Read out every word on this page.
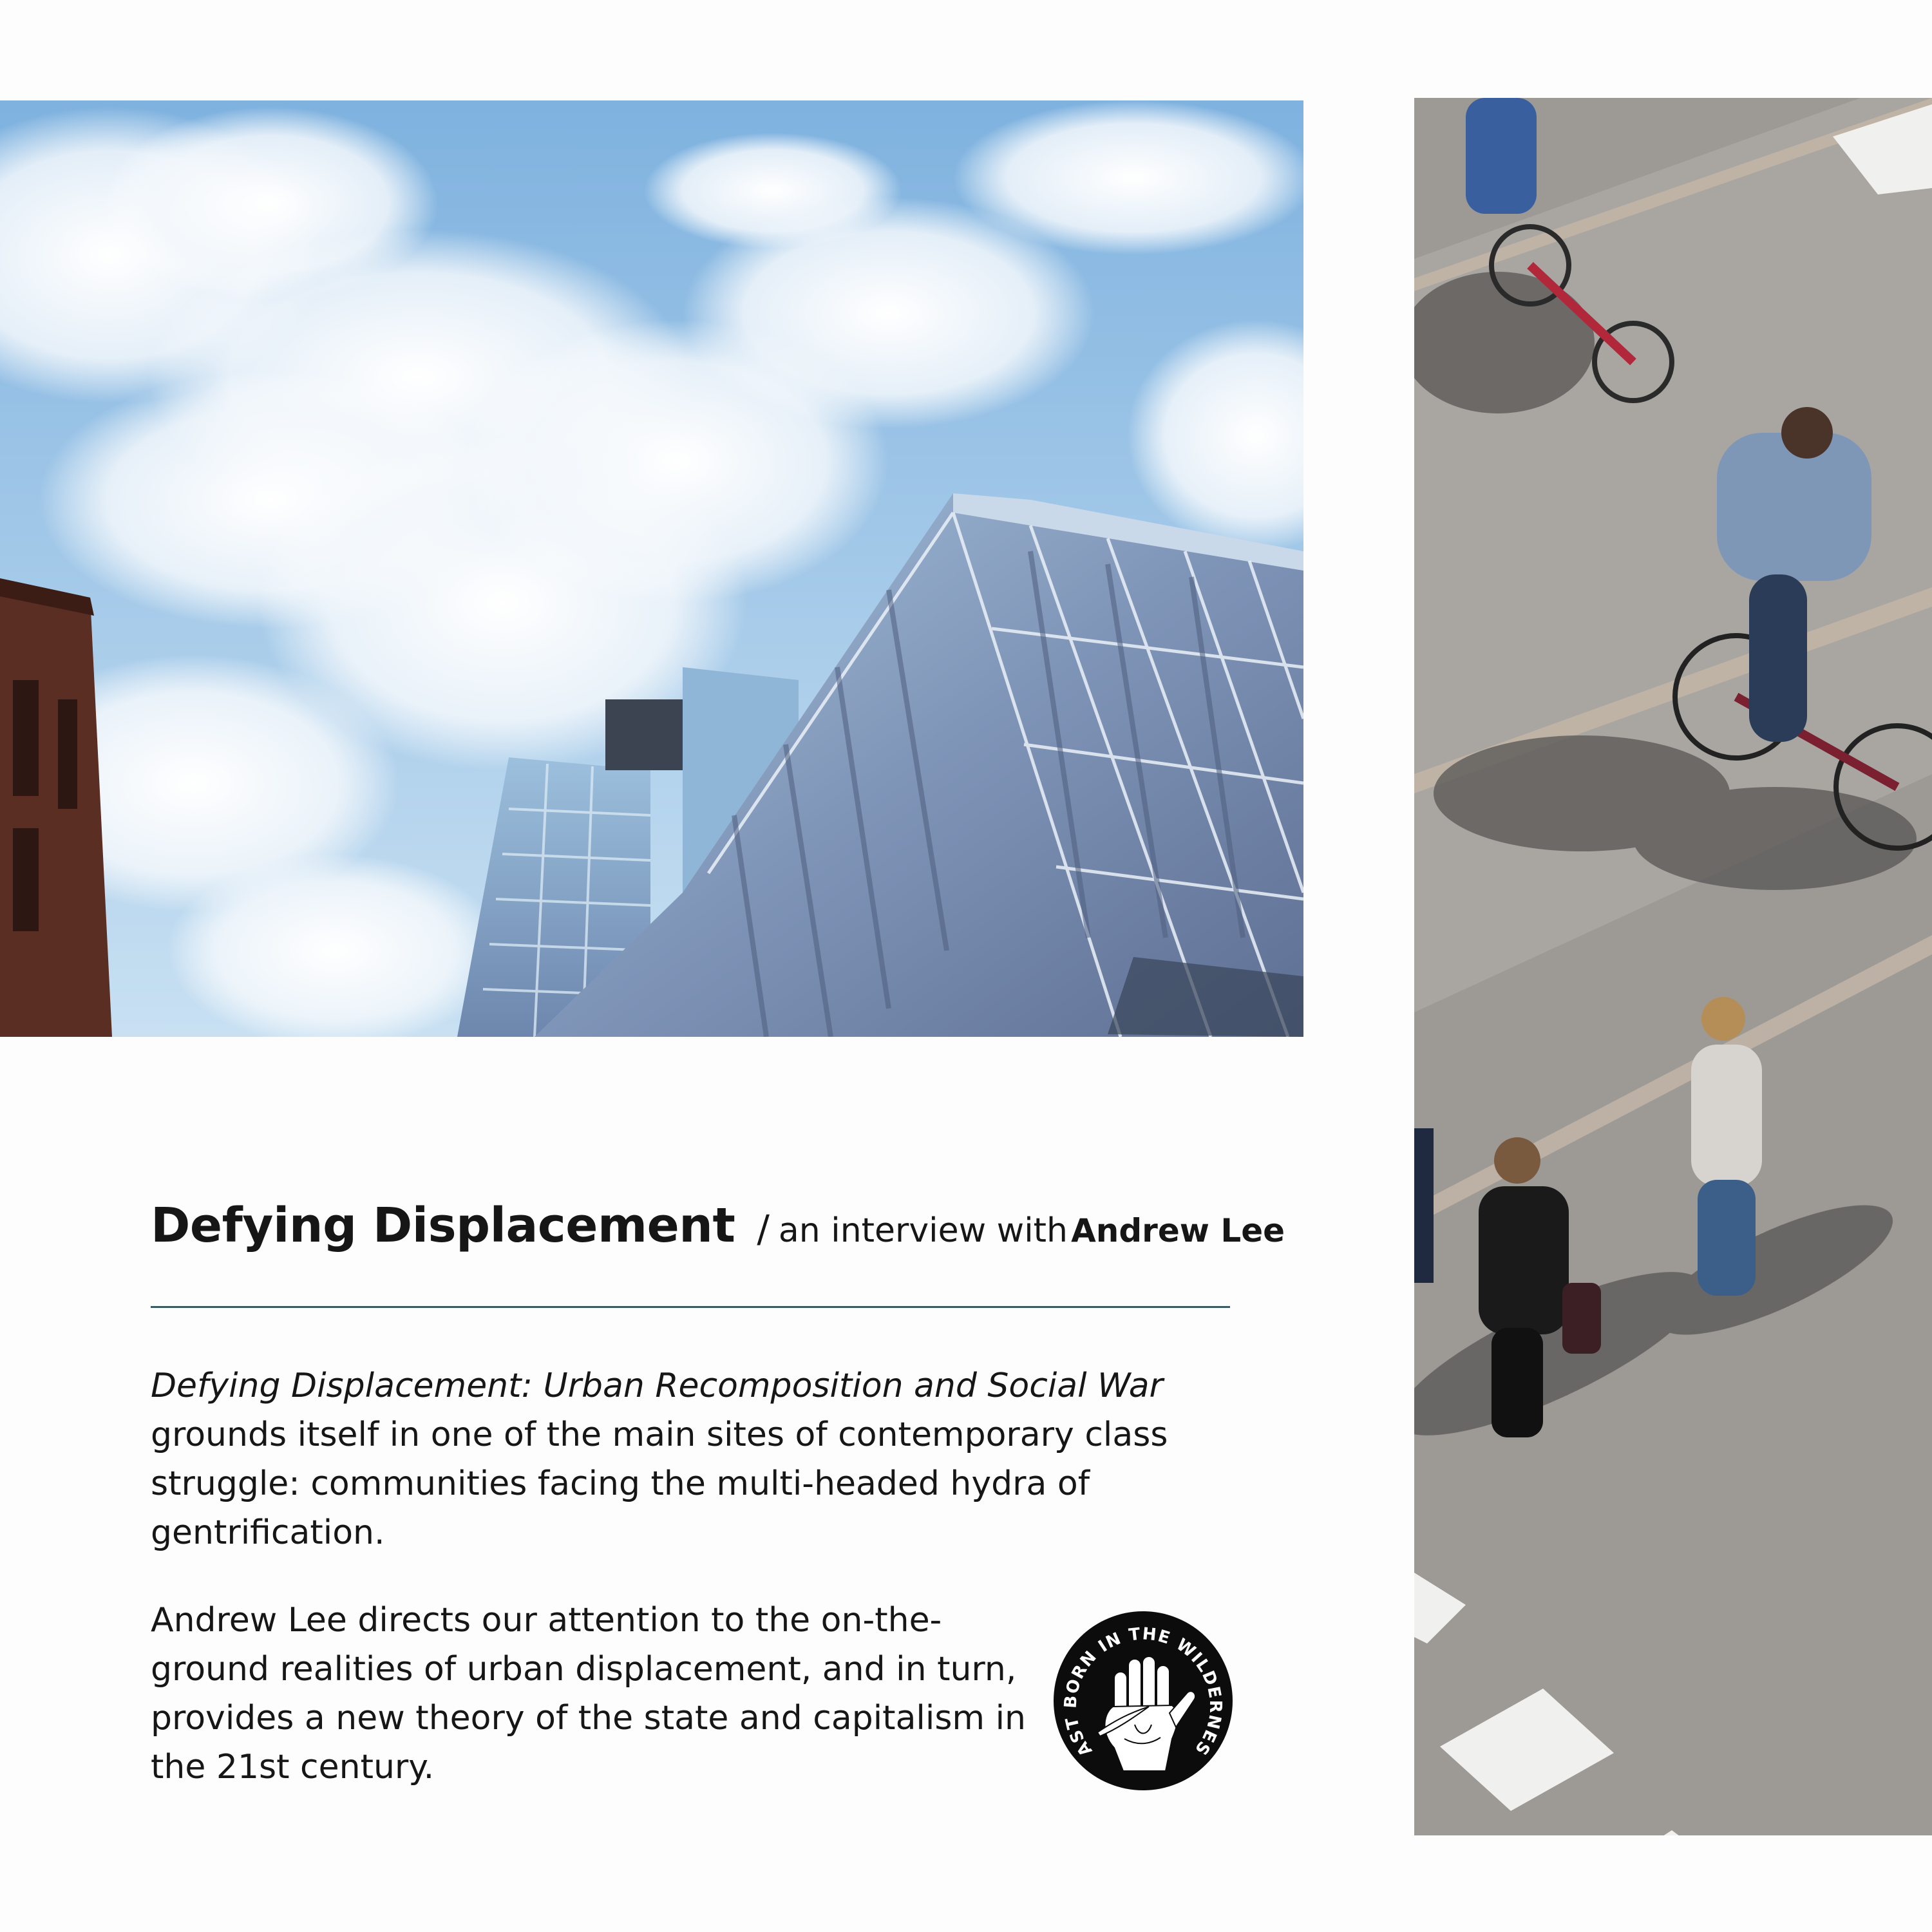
Defying Displacement / an interview with Andrew Lee

Defying Displacement: Urban Recomposition and Social War
grounds itself in one of the main sites of contemporary class struggle: communities facing the multi-headed hydra of gentrification.

Andrew Lee directs our attention to the on-the-ground realities of urban displacement, and in turn, provides a new theory of the state and capitalism in the 21st century.	AST BORN IN THE WILDERNES
